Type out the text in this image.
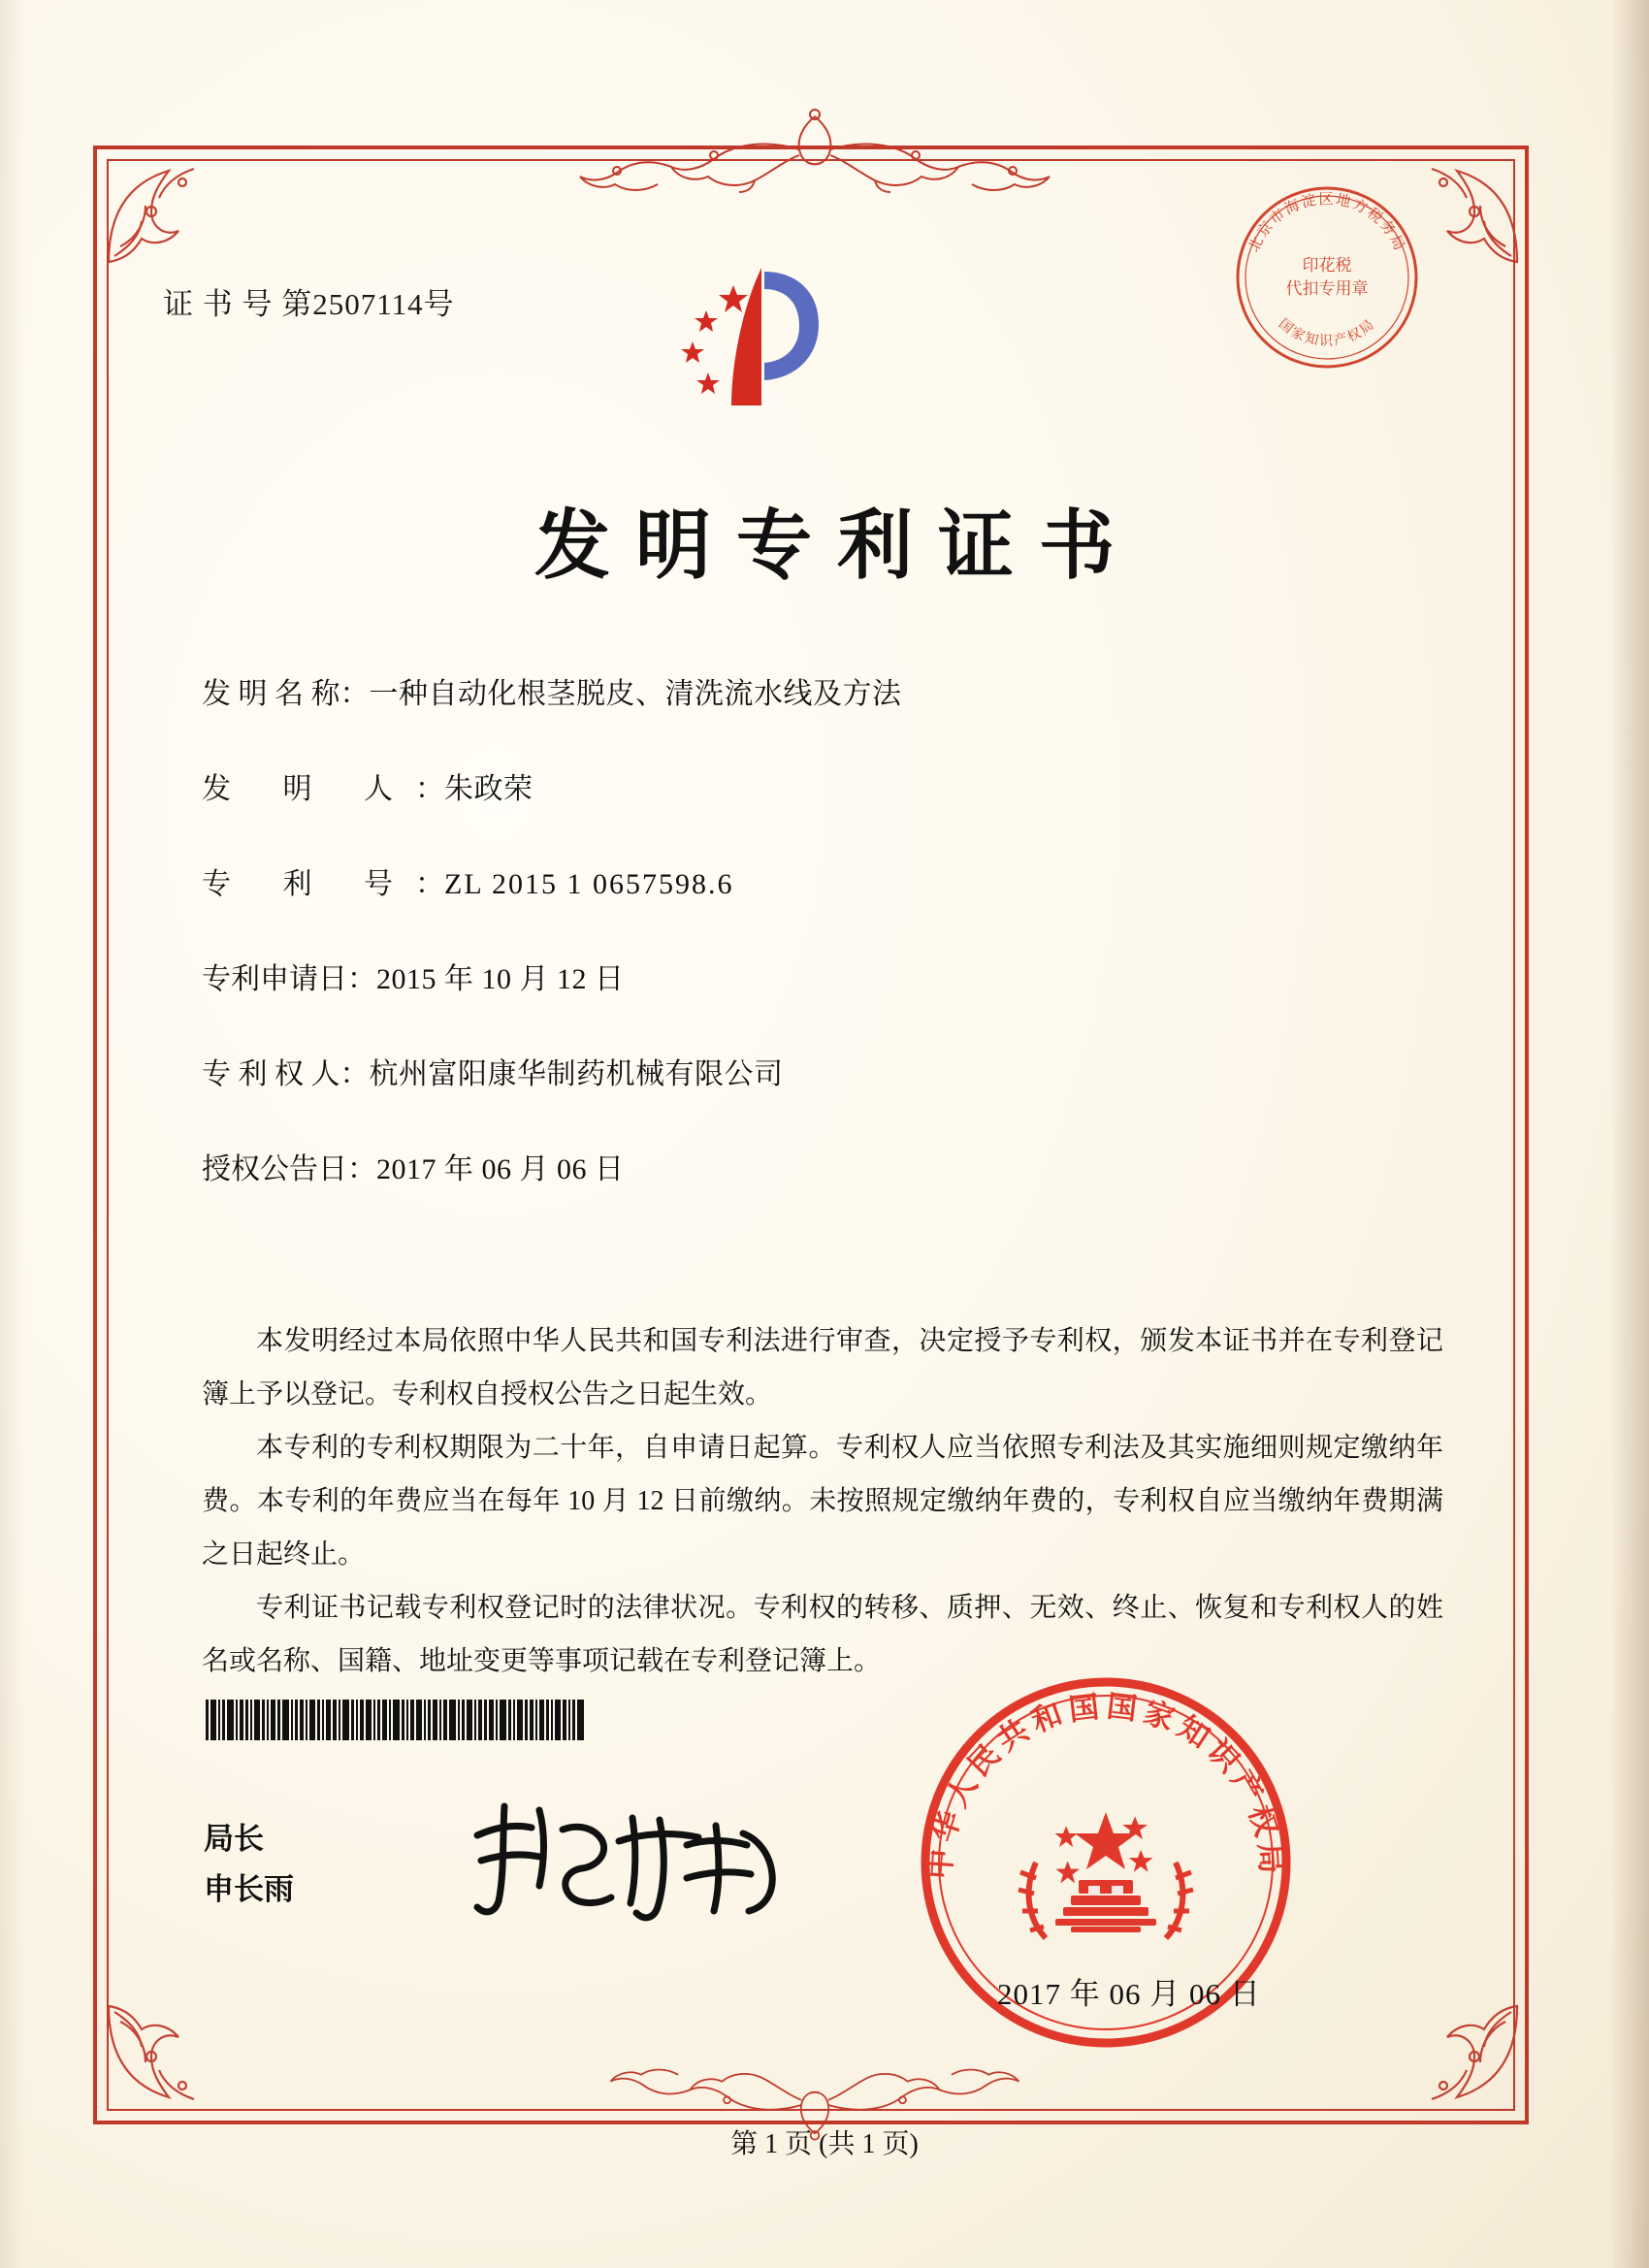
证 书 号 第2507114号
北京市海淀区地方税务局
国家知识产权局
印花税
代扣专用章
发明专利证书
发 明 名 称：一种自动化根茎脱皮、清洗流水线及方法
发 明 人：朱政荣
专 利 号：ZL 2015 1 0657598.6
专利申请日：2015 年 10 月 12 日
专 利 权 人：杭州富阳康华制药机械有限公司
授权公告日：2017 年 06 月 06 日

本发明经过本局依照中华人民共和国专利法进行审查，决定授予专利权，颁发本证书并在专利登记簿上予以登记。专利权自授权公告之日起生效。

本专利的专利权期限为二十年，自申请日起算。专利权人应当依照专利法及其实施细则规定缴纳年费。本专利的年费应当在每年 10 月 12 日前缴纳。未按照规定缴纳年费的，专利权自应当缴纳年费期满之日起终止。

专利证书记载专利权登记时的法律状况。专利权的转移、质押、无效、终止、恢复和专利权人的姓名或名称、国籍、地址变更等事项记载在专利登记簿上。

局长
申长雨
中华人民共和国国家知识产权局
2017 年 06 月 06 日
第 1 页 (共 1 页)
